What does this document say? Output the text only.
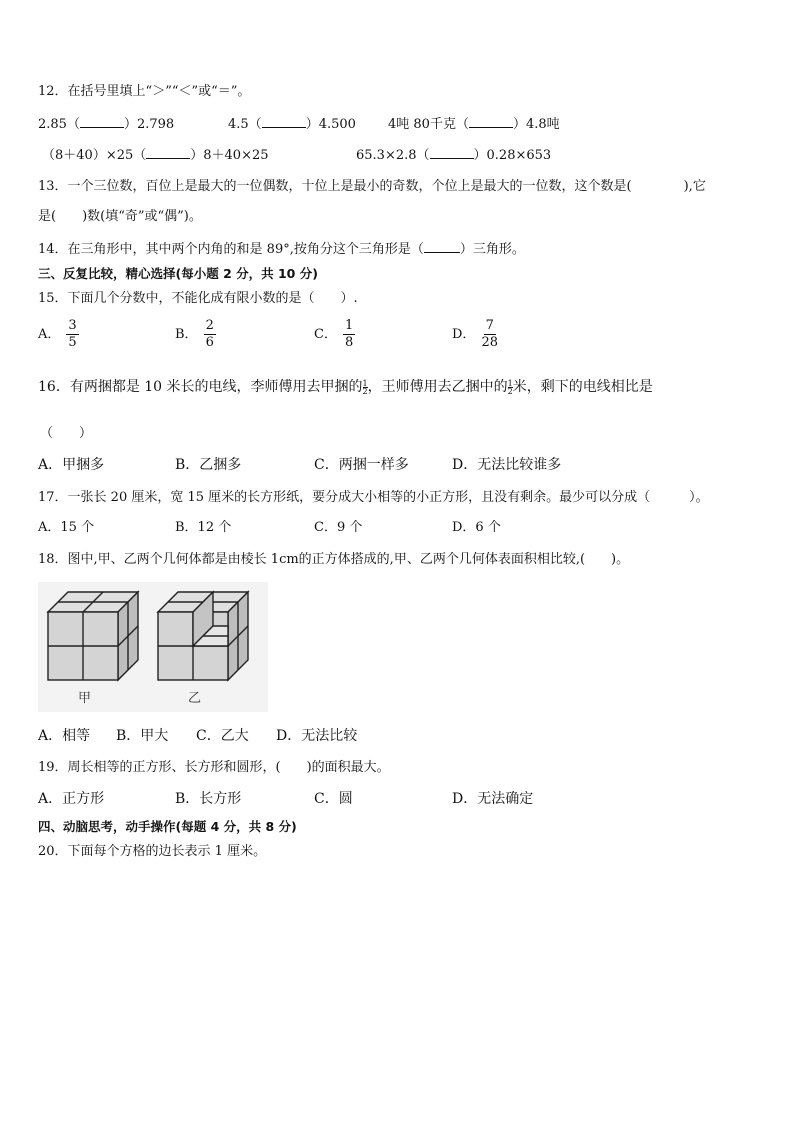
12．在括号里填上“＞”“＜”或“＝”。
2.85（	）2.798	4.5（	）4.500 4吨 80千克（	）4.8吨
（8＋40）×25（	）8＋40×25	65.3×2.8（	）0.28×653
13．一个三位数，百位上是最大的一位偶数，十位上是最小的奇数，个位上是最大的一位数，这个数是(　　　　),它
是(　　)数(填“奇”或“偶”)。
14．在三角形中，其中两个内角的和是 89°,按角分这个三角形是（	）三角形。
三、反复比较，精心选择(每小题 2 分，共 10 分)
15．下面几个分数中，不能化成有限小数的是（　　）.
A． $\frac{3}{5}$	B． $\frac{2}{6}$	C． $\frac{1}{8}$	D． $\frac{7}{28}$
16．有两捆都是 10 米长的电线，李师傅用去甲捆的 $\frac{1}{2}$ ，王师傅用去乙捆中的 $\frac{1}{2}$ 米，剩下的电线相比是
（　　）
A．甲捆多	B．乙捆多	C．两捆一样多	D．无法比较谁多
17．一张长 20 厘米，宽 15 厘米的长方形纸，要分成大小相等的小正方形，且没有剩余。最少可以分成（　　　）。
A．15 个	B．12 个	C．9 个	D．6 个
18．图中,甲、乙两个几何体都是由棱长 1cm的正方体搭成的,甲、乙两个几何体表面积相比较,(　　)。
甲	乙
A．相等 B．甲大 C．乙大 D．无法比较
19．周长相等的正方形、长方形和圆形，(　　)的面积最大。
A．正方形	B．长方形	C．圆	D．无法确定
四、动脑思考，动手操作(每题 4 分，共 8 分)
20．下面每个方格的边长表示 1 厘米。
